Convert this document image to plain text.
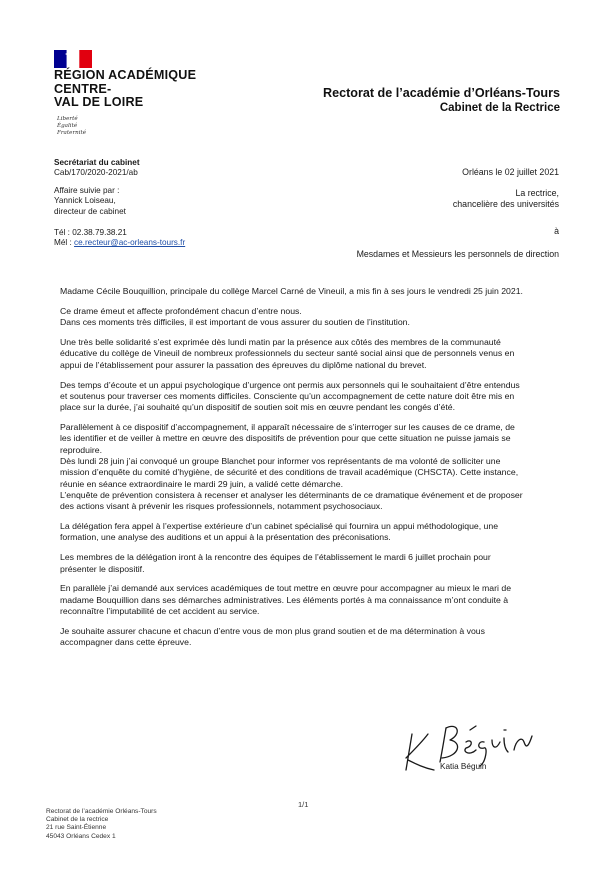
RÉGION ACADÉMIQUE
CENTRE-
VAL DE LOIRE
Liberté
Égalité
Fraternité
Rectorat de l’académie d’Orléans-Tours
Cabinet de la Rectrice
Secrétariat du cabinet
Cab/170/2020-2021/ab
Affaire suivie par :
Yannick Loiseau,
directeur de cabinet
Tél : 02.38.79.38.21
Mél : ce.recteur@ac-orleans-tours.fr
Orléans le 02 juillet 2021
La rectrice,
chancelière des universités
à
Mesdames et Messieurs les personnels de direction

Madame Cécile Bouquillion, principale du collège Marcel Carné de Vineuil, a mis fin à ses jours le vendredi 25 juin 2021.

Ce drame émeut et affecte profondément chacun d’entre nous.
Dans ces moments très difficiles, il est important de vous assurer du soutien de l’institution.

Une très belle solidarité s’est exprimée dès lundi matin par la présence aux côtés des membres de la communauté
éducative du collège de Vineuil de nombreux professionnels du secteur santé social ainsi que de personnels venus en
appui de l’établissement pour assurer la passation des épreuves du diplôme national du brevet.

Des temps d’écoute et un appui psychologique d’urgence ont permis aux personnels qui le souhaitaient d’être entendus
et soutenus pour traverser ces moments difficiles. Consciente qu’un accompagnement de cette nature doit être mis en
place sur la durée, j’ai souhaité qu’un dispositif de soutien soit mis en œuvre pendant les congés d’été.

Parallèlement à ce dispositif d’accompagnement, il apparaît nécessaire de s’interroger sur les causes de ce drame, de
les identifier et de veiller à mettre en œuvre des dispositifs de prévention pour que cette situation ne puisse jamais se
reproduire.
Dès lundi 28 juin j’ai convoqué un groupe Blanchet pour informer vos représentants de ma volonté de solliciter une
mission d’enquête du comité d’hygiène, de sécurité et des conditions de travail académique (CHSCTA). Cette instance,
réunie en séance extraordinaire le mardi 29 juin, a validé cette démarche.
L’enquête de prévention consistera à recenser et analyser les déterminants de ce dramatique événement et de proposer
des actions visant à prévenir les risques professionnels, notamment psychosociaux.

La délégation fera appel à l’expertise extérieure d’un cabinet spécialisé qui fournira un appui méthodologique, une
formation, une analyse des auditions et un appui à la présentation des préconisations.

Les membres de la délégation iront à la rencontre des équipes de l’établissement le mardi 6 juillet prochain pour
présenter le dispositif.

En parallèle j’ai demandé aux services académiques de tout mettre en œuvre pour accompagner au mieux le mari de
madame Bouquillion dans ses démarches administratives. Les éléments portés à ma connaissance m’ont conduite à
reconnaître l’imputabilité de cet accident au service.

Je souhaite assurer chacune et chacun d’entre vous de mon plus grand soutien et de ma détermination à vous
accompagner dans cette épreuve.

Katia Béguin
1/1
Rectorat de l’académie Orléans-Tours
Cabinet de la rectrice
21 rue Saint-Étienne
45043 Orléans Cedex 1
